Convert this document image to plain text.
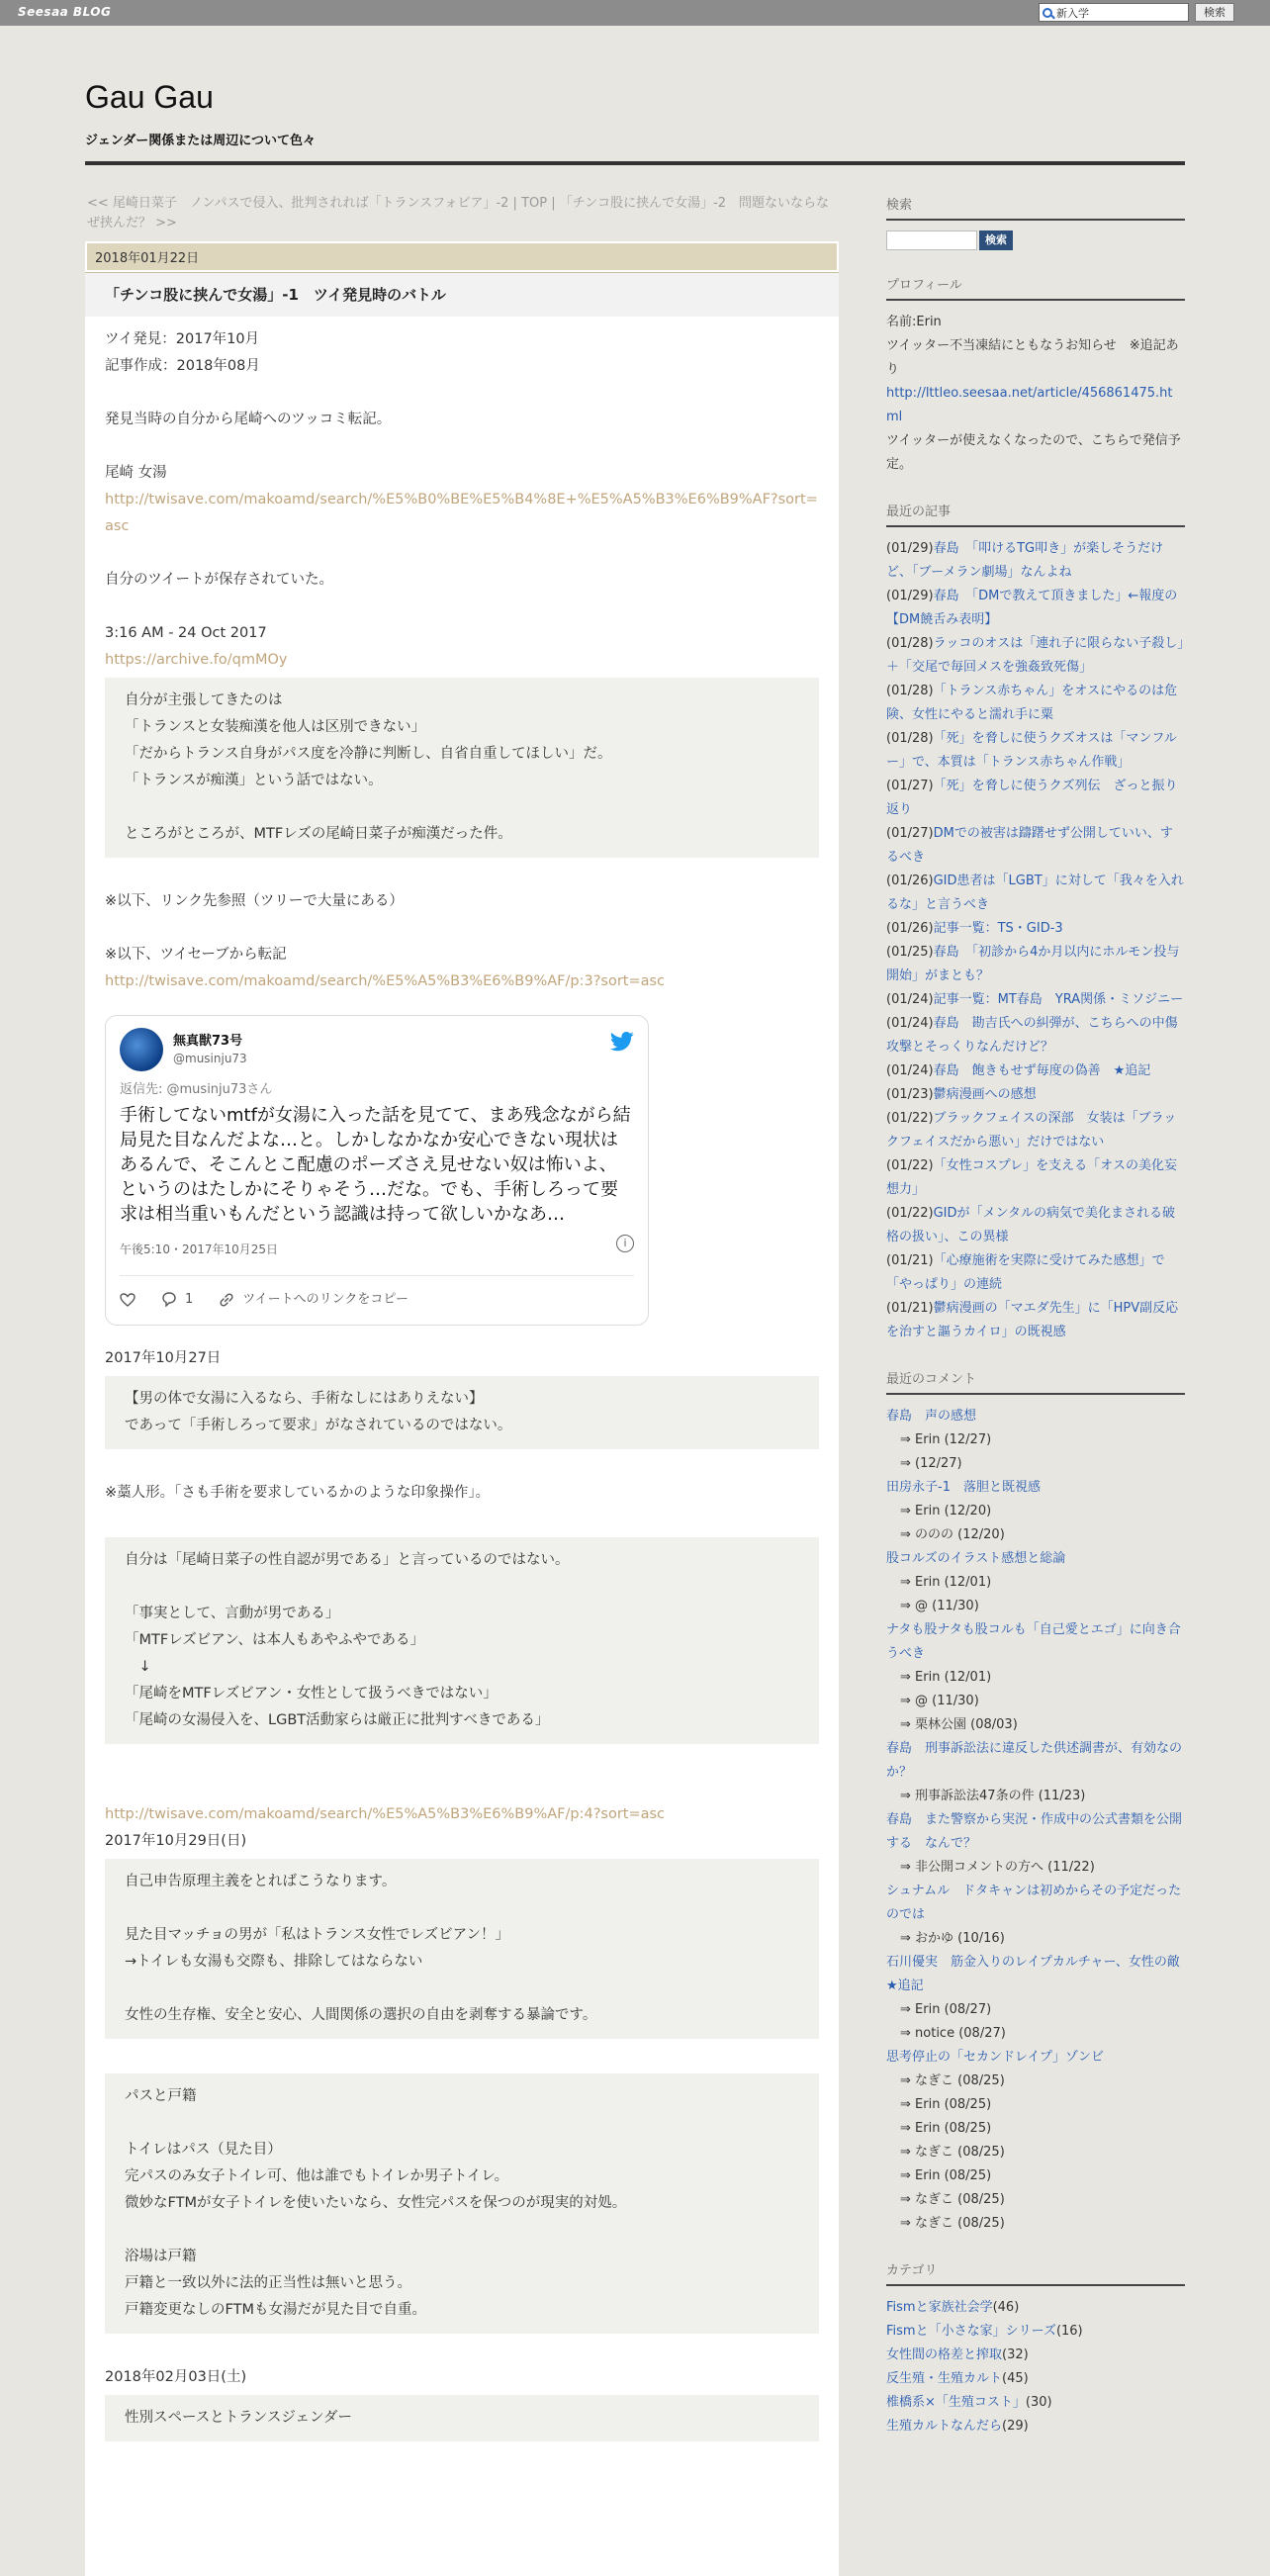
Seesaa BLOG	新入学	検索
Gau Gau
ジェンダー関係または周辺について色々
<< 尾崎日菜子　ノンパスで侵入、批判されれば「トランスフォビア」-2 | TOP | 「チンコ股に挟んで女湯」-2　問題ないならなぜ挟んだ？ >>
2018年01月22日
「チンコ股に挟んで女湯」-1　ツイ発見時のバトル
ツイ発見：2017年10月
記事作成：2018年08月
発見当時の自分から尾崎へのツッコミ転記。
尾崎 女湯
http://twisave.com/makoamd/search/%E5%B0%BE%E5%B4%8E+%E5%A5%B3%E6%B9%AF?sort=asc
自分のツイートが保存されていた。
3:16 AM - 24 Oct 2017
https://archive.fo/qmMOy
自分が主張してきたのは
「トランスと女装痴漢を他人は区別できない」
「だからトランス自身がパス度を冷静に判断し、自省自重してほしい」だ。
「トランスが痴漢」という話ではない。
ところがところが、MTFレズの尾崎日菜子が痴漢だった件。
※以下、リンク先参照（ツリーで大量にある）
※以下、ツイセーブから転記
http://twisave.com/makoamd/search/%E5%A5%B3%E6%B9%AF/p:3?sort=asc
無真獣73号
@musinju73
返信先: @musinju73さん
手術してないmtfが女湯に入った話を見てて、まあ残念ながら結局見た目なんだよな…と。しかしなかなか安心できない現状はあるんで、そこんとこ配慮のポーズさえ見せない奴は怖いよ、というのはたしかにそりゃそう…だな。でも、手術しろって要求は相当重いもんだという認識は持って欲しいかなあ…
午後5:10・2017年10月25日	i
1	ツイートへのリンクをコピー
2017年10月27日
【男の体で女湯に入るなら、手術なしにはありえない】
であって「手術しろって要求」がなされているのではない。
※藁人形。「さも手術を要求しているかのような印象操作」。
自分は「尾崎日菜子の性自認が男である」と言っているのではない。
「事実として、言動が男である」
「MTFレズビアン、は本人もあやふやである」
　↓
「尾崎をMTFレズビアン・女性として扱うべきではない」
「尾崎の女湯侵入を、LGBT活動家らは厳正に批判すべきである」
http://twisave.com/makoamd/search/%E5%A5%B3%E6%B9%AF/p:4?sort=asc
2017年10月29日(日)
自己申告原理主義をとればこうなります。
見た目マッチョの男が「私はトランス女性でレズビアン！」
→トイレも女湯も交際も、排除してはならない
女性の生存権、安全と安心、人間関係の選択の自由を剥奪する暴論です。
パスと戸籍
トイレはパス（見た目）
完パスのみ女子トイレ可、他は誰でもトイレか男子トイレ。
微妙なFTMが女子トイレを使いたいなら、女性完パスを保つのが現実的対処。
浴場は戸籍
戸籍と一致以外に法的正当性は無いと思う。
戸籍変更なしのFTMも女湯だが見た目で自重。
2018年02月03日(土)
性別スペースとトランスジェンダー
検索
検索
プロフィール
名前:Erin
ツイッター不当凍結にともなうお知らせ　※追記あり
http://lttleo.seesaa.net/article/456861475.html
ツイッターが使えなくなったので、こちらで発信予定。
最近の記事
(01/29)春島　「叩けるTG叩き」が楽しそうだけど、「ブーメラン劇場」なんよね
(01/29)春島　「DMで教えて頂きました」←報度の【DM饒舌み表明】
(01/28)ラッコのオスは「連れ子に限らない子殺し」＋「交尾で毎回メスを強姦致死傷」
(01/28)「トランス赤ちゃん」をオスにやるのは危険、女性にやると濡れ手に粟
(01/28)「死」を脅しに使うクズオスは「マンフルー」で、本質は「トランス赤ちゃん作戦」
(01/27)「死」を脅しに使うクズ列伝　ざっと振り返り
(01/27)DMでの被害は躊躇せず公開していい、するべき
(01/26)GID患者は「LGBT」に対して「我々を入れるな」と言うべき
(01/26)記事一覧：TS・GID-3
(01/25)春島　「初診から4か月以内にホルモン投与開始」がまとも？
(01/24)記事一覧：MT春島　YRA関係・ミソジニー
(01/24)春島　勘吉氏への糾弾が、こちらへの中傷攻撃とそっくりなんだけど？
(01/24)春島　飽きもせず毎度の偽善　★追記
(01/23)鬱病漫画への感想
(01/22)ブラックフェイスの深部　女装は「ブラックフェイスだから悪い」だけではない
(01/22)「女性コスプレ」を支える「オスの美化妄想力」
(01/22)GIDが「メンタルの病気で美化まされる破格の扱い」、この異様
(01/21)「心療施術を実際に受けてみた感想」で「やっぱり」の連続
(01/21)鬱病漫画の「マエダ先生」に「HPV副反応を治すと謳うカイロ」の既視感
最近のコメント
春島　声の感想
⇒ Erin (12/27)
⇒ (12/27)
田房永子-1　落胆と既視感
⇒ Erin (12/20)
⇒ ののの (12/20)
股コルズのイラスト感想と総論
⇒ Erin (12/01)
⇒ @ (11/30)
ナタも股ナタも股コルも「自己愛とエゴ」に向き合うべき
⇒ Erin (12/01)
⇒ @ (11/30)
⇒ 栗林公園 (08/03)
春島　刑事訴訟法に違反した供述調書が、有効なのか？
⇒ 刑事訴訟法47条の件 (11/23)
春島　また警察から実況・作成中の公式書類を公開する　なんで？
⇒ 非公開コメントの方へ (11/22)
シュナムル　ドタキャンは初めからその予定だったのでは
⇒ おかゆ (10/16)
石川優実　筋金入りのレイプカルチャー、女性の敵　★追記
⇒ Erin (08/27)
⇒ notice (08/27)
思考停止の「セカンドレイプ」ゾンビ
⇒ なぎこ (08/25)
⇒ Erin (08/25)
⇒ Erin (08/25)
⇒ なぎこ (08/25)
⇒ Erin (08/25)
⇒ なぎこ (08/25)
⇒ なぎこ (08/25)
カテゴリ
Fismと家族社会学(46)
Fismと「小さな家」シリーズ(16)
女性間の格差と搾取(32)
反生殖・生殖カルト(45)
椎橋系×「生殖コスト」(30)
生殖カルトなんだら(29)
